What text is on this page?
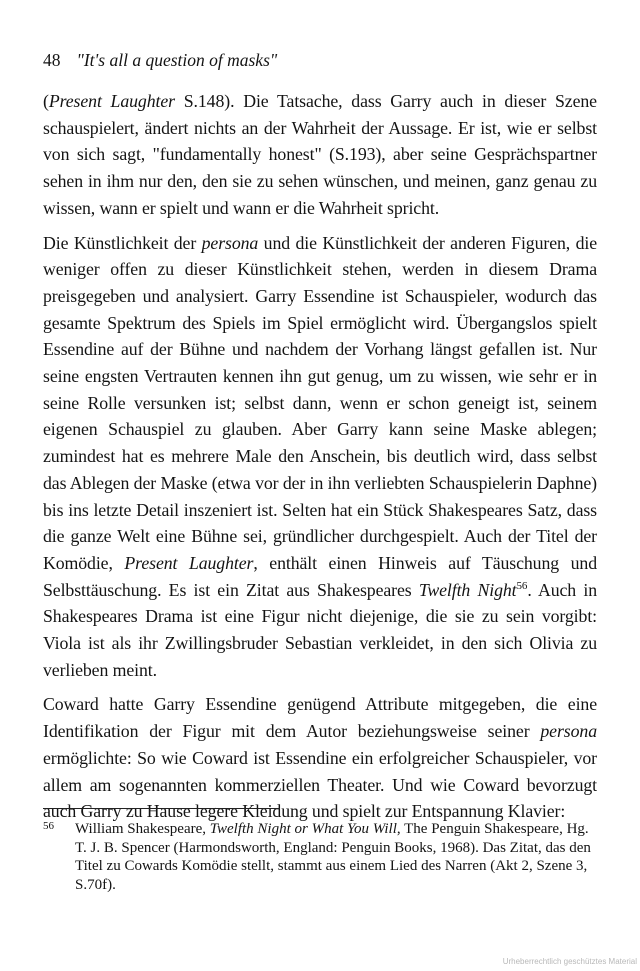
48 "It's all a question of masks"

(Present Laughter S.148). Die Tatsache, dass Garry auch in dieser Szene schauspielert, ändert nichts an der Wahrheit der Aussage. Er ist, wie er selbst von sich sagt, "fundamentally honest" (S.193), aber seine Gesprächspartner sehen in ihm nur den, den sie zu sehen wünschen, und meinen, ganz genau zu wissen, wann er spielt und wann er die Wahrheit spricht.

Die Künstlichkeit der persona und die Künstlichkeit der anderen Figuren, die weniger offen zu dieser Künstlichkeit stehen, werden in diesem Drama preisgegeben und analysiert. Garry Essendine ist Schauspieler, wodurch das gesamte Spektrum des Spiels im Spiel ermöglicht wird. Übergangslos spielt Essendine auf der Bühne und nachdem der Vorhang längst gefallen ist. Nur seine engsten Vertrauten kennen ihn gut genug, um zu wissen, wie sehr er in seine Rolle versunken ist; selbst dann, wenn er schon geneigt ist, seinem eigenen Schauspiel zu glauben. Aber Garry kann seine Maske ablegen; zumindest hat es mehrere Male den Anschein, bis deutlich wird, dass selbst das Ablegen der Maske (etwa vor der in ihn verliebten Schauspielerin Daphne) bis ins letzte Detail inszeniert ist. Selten hat ein Stück Shakespeares Satz, dass die ganze Welt eine Bühne sei, gründlicher durchgespielt. Auch der Titel der Komödie, Present Laughter, enthält einen Hinweis auf Täuschung und Selbsttäuschung. Es ist ein Zitat aus Shakespeares Twelfth Night$^{56}$. Auch in Shakespeares Drama ist eine Figur nicht diejenige, die sie zu sein vorgibt: Viola ist als ihr Zwillingsbruder Sebastian verkleidet, in den sich Olivia zu verlieben meint.

Coward hatte Garry Essendine genügend Attribute mitgegeben, die eine Identifikation der Figur mit dem Autor beziehungsweise seiner persona ermöglichte: So wie Coward ist Essendine ein erfolgreicher Schauspieler, vor allem am sogenannten kommerziellen Theater. Und wie Coward bevorzugt auch Garry zu Hause legere Kleidung und spielt zur Entspannung Klavier:

56 William Shakespeare, Twelfth Night or What You Will, The Penguin Shakespeare, Hg. T. J. B. Spencer (Harmondsworth, England: Penguin Books, 1968). Das Zitat, das den Titel zu Cowards Komödie stellt, stammt aus einem Lied des Narren (Akt 2, Szene 3, S.70f).
Urheberrechtlich geschütztes Material
